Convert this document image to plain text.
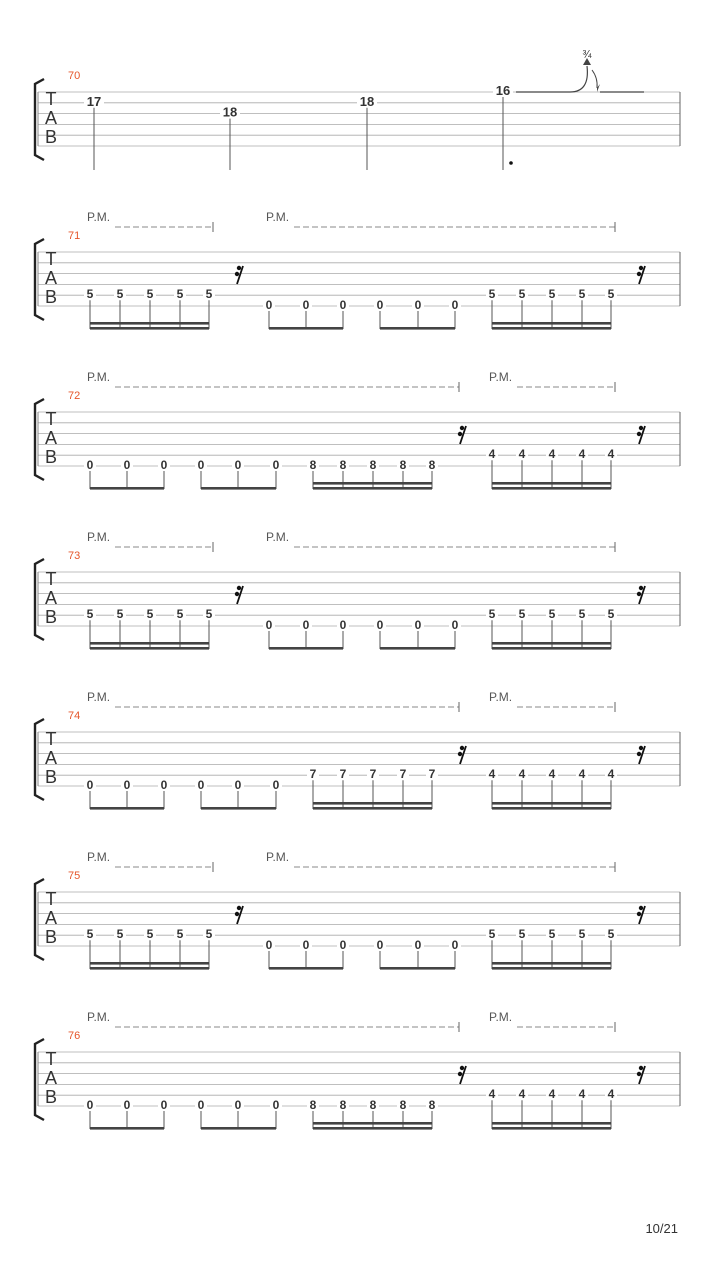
T
A
B
70
17
18
18
16
¾
T
A
B
71
P.M.	P.M.
5 5 5 5 5
0	0	0	0	0	0
5 5 5 5 5
T
A
B
72
P.M.	P.M.
0	0	0	0	0	0	8 8 8 8 8
4 4 4 4 4
T
A
B
73
P.M.	P.M.
5 5 5 5 5
0	0	0	0	0	0
5 5 5 5 5
T
A
B
74
P.M.	P.M.
0	0	0	0	0	0
7 7 7 7 7	4 4 4 4 4
T
A
B
75
P.M.	P.M.
5 5 5 5 5
0	0	0	0	0	0
5 5 5 5 5
T
A
B
76
P.M.	P.M.
0	0	0	0	0	0	8 8 8 8 8
4 4 4 4 4
10/21
